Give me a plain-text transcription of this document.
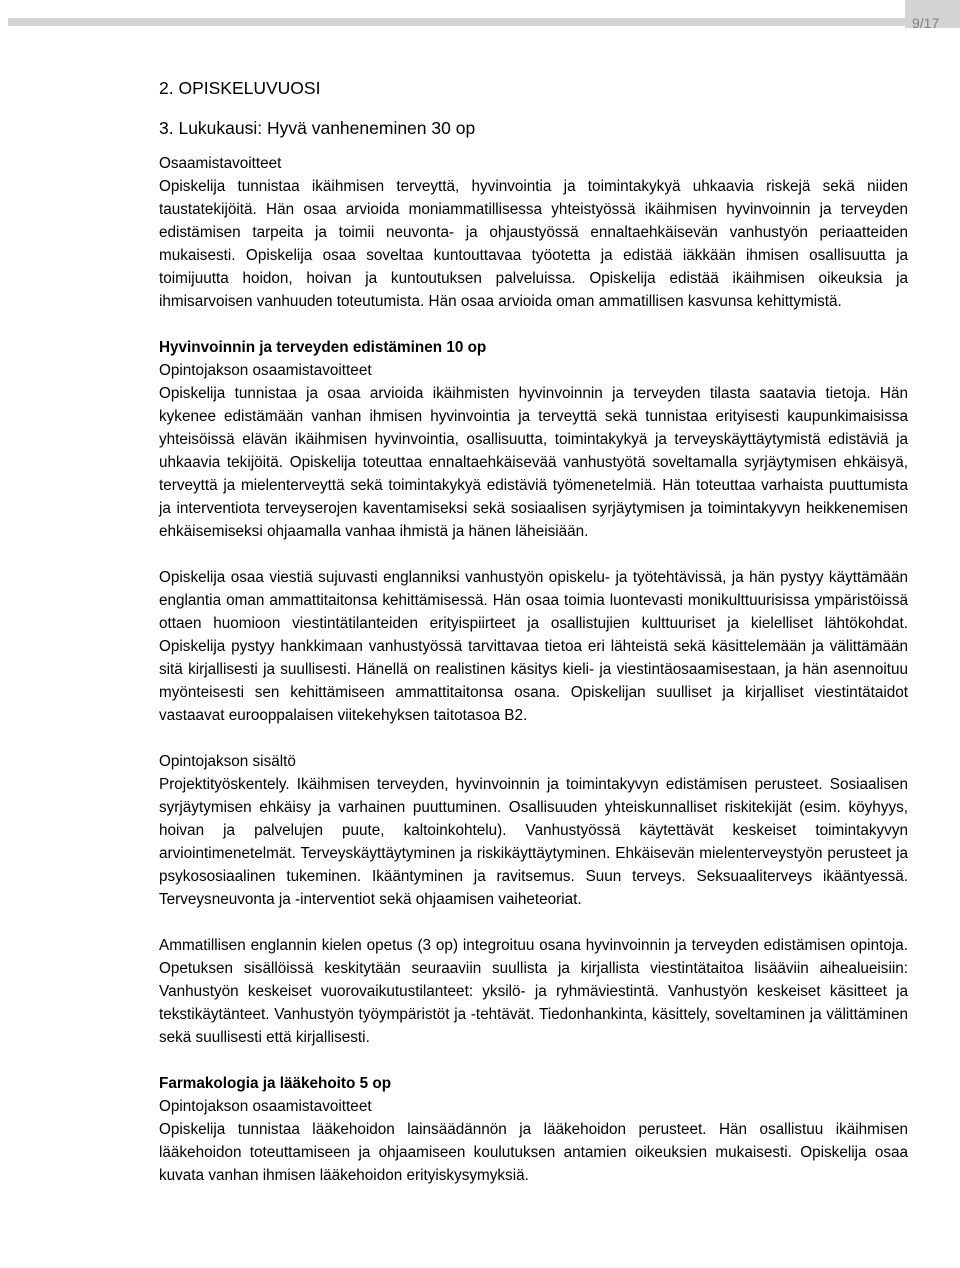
9/17
2. OPISKELUVUOSI
3. Lukukausi: Hyvä vanheneminen 30 op

Osaamistavoitteet

Opiskelija tunnistaa ikäihmisen terveyttä, hyvinvointia ja toimintakykyä uhkaavia riskejä sekä niiden taustatekijöitä. Hän osaa arvioida moniammatillisessa yhteistyössä ikäihmisen hyvinvoinnin ja terveyden edistämisen tarpeita ja toimii neuvonta- ja ohjaustyössä ennaltaehkäisevän vanhustyön periaatteiden mukaisesti. Opiskelija osaa soveltaa kuntouttavaa työotetta ja edistää iäkkään ihmisen osallisuutta ja toimijuutta hoidon, hoivan ja kuntoutuksen palveluissa. Opiskelija edistää ikäihmisen oikeuksia ja ihmisarvoisen vanhuuden toteutumista. Hän osaa arvioida oman ammatillisen kasvunsa kehittymistä.

Hyvinvoinnin ja terveyden edistäminen 10 op

Opintojakson osaamistavoitteet

Opiskelija tunnistaa ja osaa arvioida ikäihmisten hyvinvoinnin ja terveyden tilasta saatavia tietoja. Hän kykenee edistämään vanhan ihmisen hyvinvointia ja terveyttä sekä tunnistaa erityisesti kaupunkimaisissa yhteisöissä elävän ikäihmisen hyvinvointia, osallisuutta, toimintakykyä ja terveyskäyttäytymistä edistäviä ja uhkaavia tekijöitä. Opiskelija toteuttaa ennaltaehkäisevää vanhustyötä soveltamalla syrjäytymisen ehkäisyä, terveyttä ja mielenterveyttä sekä toimintakykyä edistäviä työmenetelmiä. Hän toteuttaa varhaista puuttumista ja interventiota terveyserojen kaventamiseksi sekä sosiaalisen syrjäytymisen ja toimintakyvyn heikkenemisen ehkäisemiseksi ohjaamalla vanhaa ihmistä ja hänen läheisiään.

Opiskelija osaa viestiä sujuvasti englanniksi vanhustyön opiskelu- ja työtehtävissä, ja hän pystyy käyttämään englantia oman ammattitaitonsa kehittämisessä. Hän osaa toimia luontevasti monikulttuurisissa ympäristöissä ottaen huomioon viestintätilanteiden erityispiirteet ja osallistujien kulttuuriset ja kielelliset lähtökohdat. Opiskelija pystyy hankkimaan vanhustyössä tarvittavaa tietoa eri lähteistä sekä käsittelemään ja välittämään sitä kirjallisesti ja suullisesti. Hänellä on realistinen käsitys kieli- ja viestintäosaamisestaan, ja hän asennoituu myönteisesti sen kehittämiseen ammattitaitonsa osana. Opiskelijan suulliset ja kirjalliset viestintätaidot vastaavat eurooppalaisen viitekehyksen taitotasoa B2.

Opintojakson sisältö

Projektityöskentely. Ikäihmisen terveyden, hyvinvoinnin ja toimintakyvyn edistämisen perusteet. Sosiaalisen syrjäytymisen ehkäisy ja varhainen puuttuminen. Osallisuuden yhteiskunnalliset riskitekijät (esim. köyhyys, hoivan ja palvelujen puute, kaltoinkohtelu). Vanhustyössä käytettävät keskeiset toimintakyvyn arviointimenetelmät. Terveyskäyttäytyminen ja riskikäyttäytyminen. Ehkäisevän mielenterveystyön perusteet ja psykososiaalinen tukeminen. Ikääntyminen ja ravitsemus. Suun terveys. Seksuaaliterveys ikääntyessä. Terveysneuvonta ja -interventiot sekä ohjaamisen vaiheteoriat.

Ammatillisen englannin kielen opetus (3 op) integroituu osana hyvinvoinnin ja terveyden edistämisen opintoja. Opetuksen sisällöissä keskitytään seuraaviin suullista ja kirjallista viestintätaitoa lisääviin aihealueisiin: Vanhustyön keskeiset vuorovaikutustilanteet: yksilö- ja ryhmäviestintä. Vanhustyön keskeiset käsitteet ja tekstikäytänteet. Vanhustyön työympäristöt ja -tehtävät. Tiedonhankinta, käsittely, soveltaminen ja välittäminen sekä suullisesti että kirjallisesti.

Farmakologia ja lääkehoito 5 op

Opintojakson osaamistavoitteet

Opiskelija tunnistaa lääkehoidon lainsäädännön ja lääkehoidon perusteet. Hän osallistuu ikäihmisen lääkehoidon toteuttamiseen ja ohjaamiseen koulutuksen antamien oikeuksien mukaisesti. Opiskelija osaa kuvata vanhan ihmisen lääkehoidon erityiskysymyksiä.
